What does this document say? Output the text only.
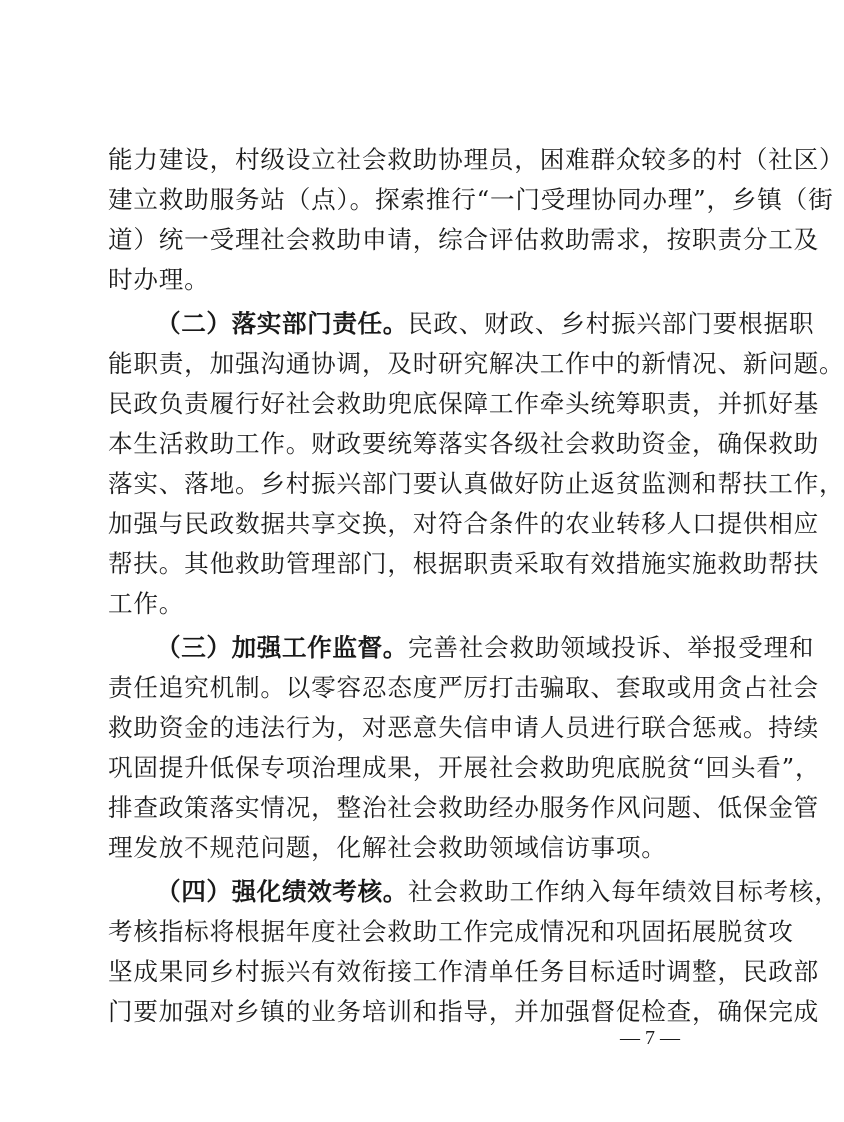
能力建设，村级设立社会救助协理员，困难群众较多的村（社区）
建立救助服务站（点）。探索推行“一门受理协同办理”，乡镇（街
道）统一受理社会救助申请，综合评估救助需求，按职责分工及
时办理。
（二）落实部门责任。民政、财政、乡村振兴部门要根据职
能职责，加强沟通协调，及时研究解决工作中的新情况、新问题。
民政负责履行好社会救助兜底保障工作牵头统筹职责，并抓好基
本生活救助工作。财政要统筹落实各级社会救助资金，确保救助
落实、落地。乡村振兴部门要认真做好防止返贫监测和帮扶工作，
加强与民政数据共享交换，对符合条件的农业转移人口提供相应
帮扶。其他救助管理部门，根据职责采取有效措施实施救助帮扶
工作。
（三）加强工作监督。完善社会救助领域投诉、举报受理和
责任追究机制。以零容忍态度严厉打击骗取、套取或用贪占社会
救助资金的违法行为，对恶意失信申请人员进行联合惩戒。持续
巩固提升低保专项治理成果，开展社会救助兜底脱贫“回头看”，
排查政策落实情况，整治社会救助经办服务作风问题、低保金管
理发放不规范问题，化解社会救助领域信访事项。
（四）强化绩效考核。社会救助工作纳入每年绩效目标考核，
考核指标将根据年度社会救助工作完成情况和巩固拓展脱贫攻
坚成果同乡村振兴有效衔接工作清单任务目标适时调整，民政部
门要加强对乡镇的业务培训和指导，并加强督促检查，确保完成
— 7 —
